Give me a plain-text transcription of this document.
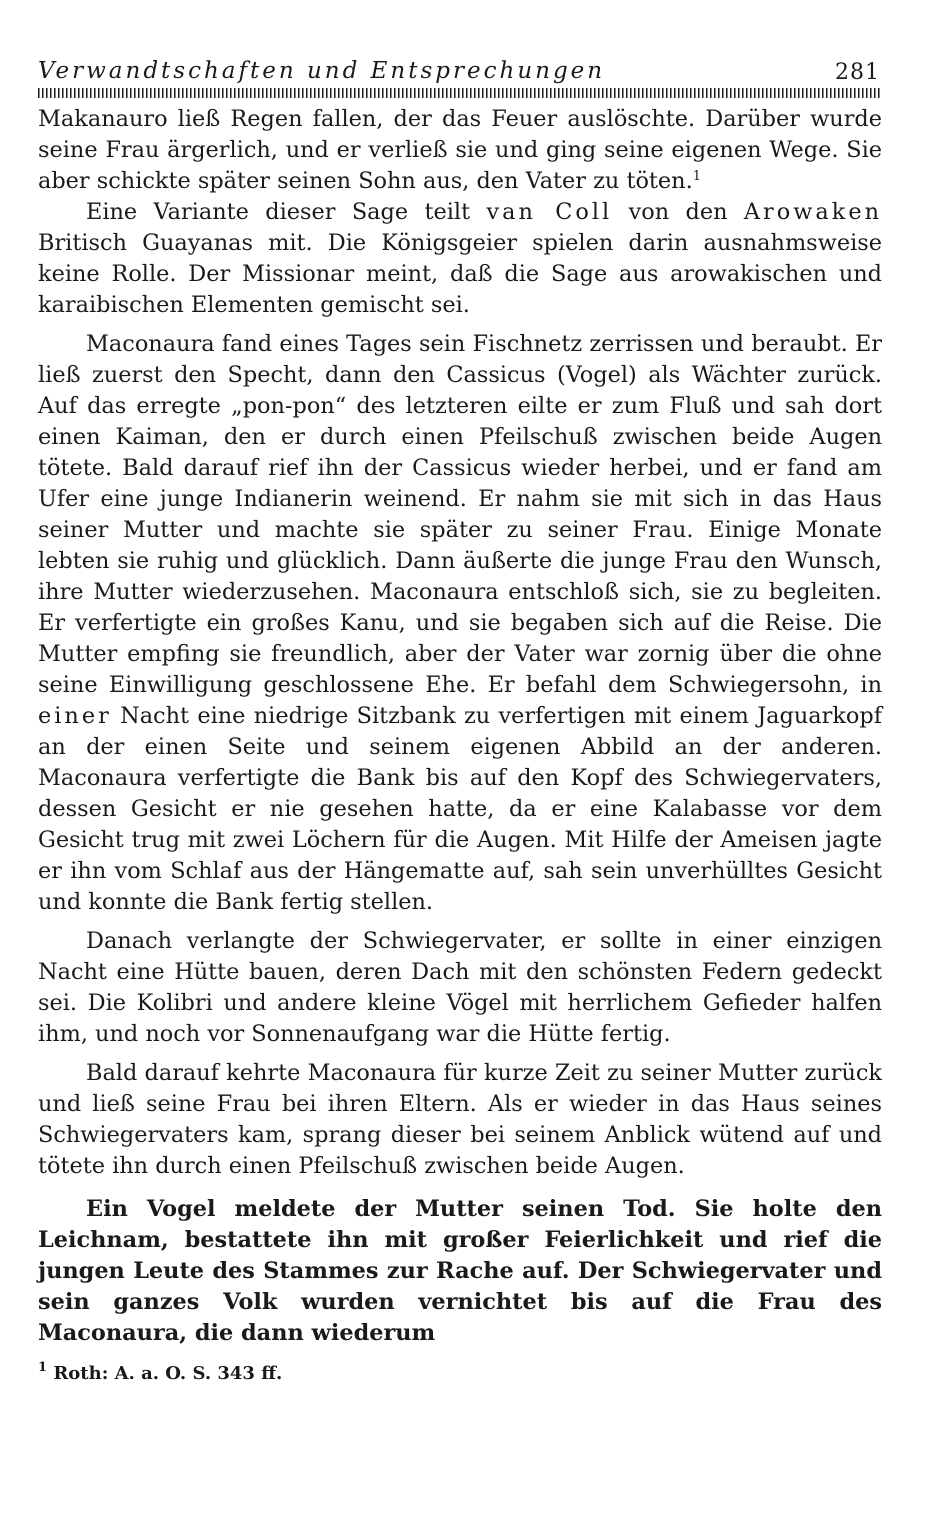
Verwandtschaften und Entsprechungen	281

Makanauro ließ Regen fallen, der das Feuer auslöschte. Darüber wurde seine Frau ärgerlich, und er verließ sie und ging seine eigenen Wege. Sie aber schickte später seinen Sohn aus, den Vater zu töten.$^1$

Eine Variante dieser Sage teilt van Coll von den Arowaken Britisch Guayanas mit. Die Königsgeier spielen darin ausnahmsweise keine Rolle. Der Missionar meint, daß die Sage aus arowakischen und karaibischen Elementen gemischt sei.

Maconaura fand eines Tages sein Fischnetz zerrissen und beraubt. Er ließ zuerst den Specht, dann den Cassicus (Vogel) als Wächter zurück. Auf das erregte „pon-pon“ des letzteren eilte er zum Fluß und sah dort einen Kaiman, den er durch einen Pfeilschuß zwischen beide Augen tötete. Bald darauf rief ihn der Cassicus wieder herbei, und er fand am Ufer eine junge Indianerin weinend. Er nahm sie mit sich in das Haus seiner Mutter und machte sie später zu seiner Frau. Einige Monate lebten sie ruhig und glücklich. Dann äußerte die junge Frau den Wunsch, ihre Mutter wiederzusehen. Maconaura entschloß sich, sie zu begleiten. Er verfertigte ein großes Kanu, und sie begaben sich auf die Reise. Die Mutter empfing sie freundlich, aber der Vater war zornig über die ohne seine Einwilligung geschlossene Ehe. Er befahl dem Schwiegersohn, in einer Nacht eine niedrige Sitzbank zu verfertigen mit einem Jaguarkopf an der einen Seite und seinem eigenen Abbild an der anderen. Maconaura verfertigte die Bank bis auf den Kopf des Schwiegervaters, dessen Gesicht er nie gesehen hatte, da er eine Kalabasse vor dem Gesicht trug mit zwei Löchern für die Augen. Mit Hilfe der Ameisen jagte er ihn vom Schlaf aus der Hängematte auf, sah sein unverhülltes Gesicht und konnte die Bank fertig stellen.

Danach verlangte der Schwiegervater, er sollte in einer einzigen Nacht eine Hütte bauen, deren Dach mit den schönsten Federn gedeckt sei. Die Kolibri und andere kleine Vögel mit herrlichem Gefieder halfen ihm, und noch vor Sonnenaufgang war die Hütte fertig.

Bald darauf kehrte Maconaura für kurze Zeit zu seiner Mutter zurück und ließ seine Frau bei ihren Eltern. Als er wieder in das Haus seines Schwiegervaters kam, sprang dieser bei seinem Anblick wütend auf und tötete ihn durch einen Pfeilschuß zwischen beide Augen.

Ein Vogel meldete der Mutter seinen Tod. Sie holte den Leichnam, bestattete ihn mit großer Feierlichkeit und rief die jungen Leute des Stammes zur Rache auf. Der Schwiegervater und sein ganzes Volk wurden vernichtet bis auf die Frau des Maconaura, die dann wiederum

$^1$ Roth: A. a. O. S. 343 ff.
